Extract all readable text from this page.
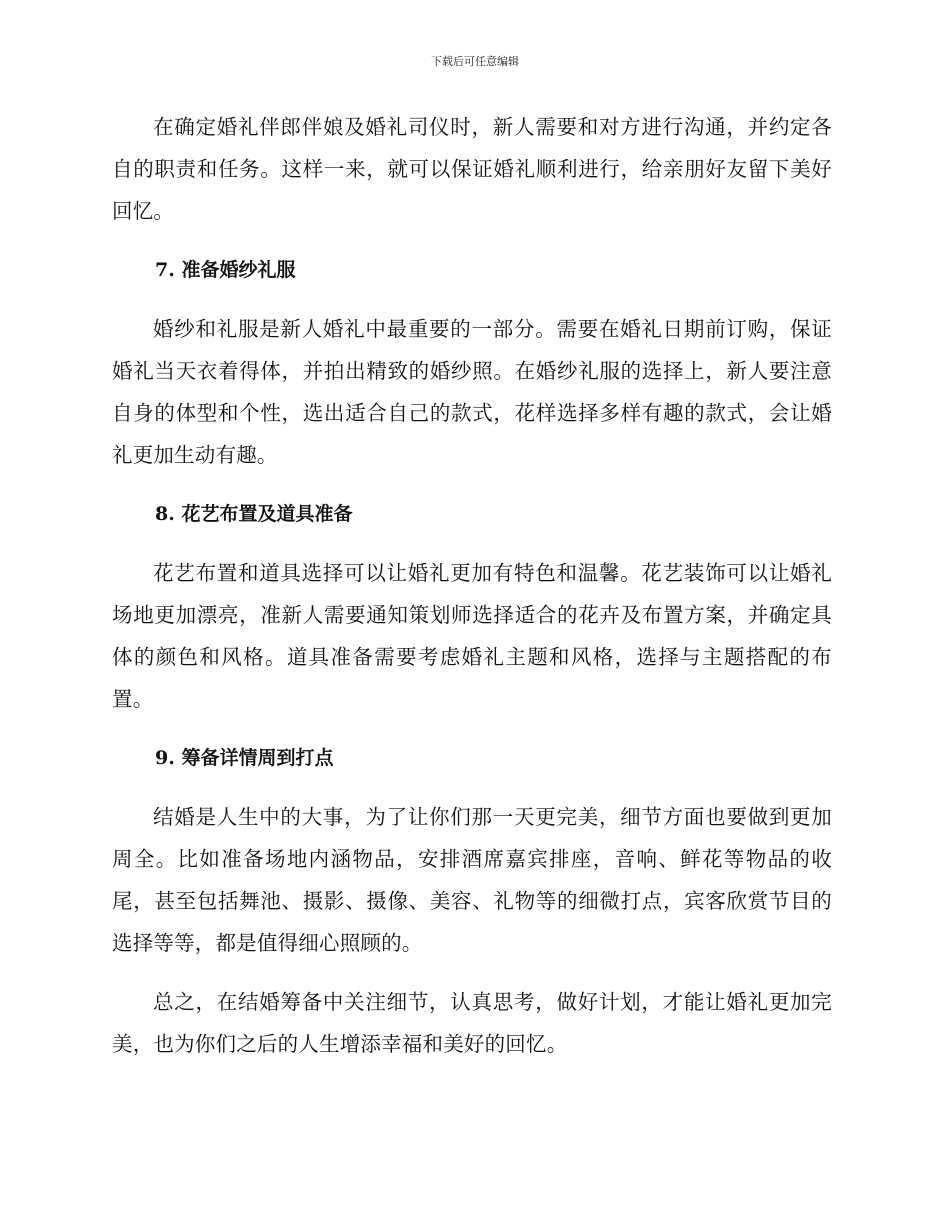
下载后可任意编辑

在确定婚礼伴郎伴娘及婚礼司仪时，新人需要和对方进行沟通，并约定各自的职责和任务。这样一来，就可以保证婚礼顺利进行，给亲朋好友留下美好回忆。

7. 准备婚纱礼服

婚纱和礼服是新人婚礼中最重要的一部分。需要在婚礼日期前订购，保证婚礼当天衣着得体，并拍出精致的婚纱照。在婚纱礼服的选择上，新人要注意自身的体型和个性，选出适合自己的款式，花样选择多样有趣的款式，会让婚礼更加生动有趣。

8. 花艺布置及道具准备

花艺布置和道具选择可以让婚礼更加有特色和温馨。花艺装饰可以让婚礼场地更加漂亮，准新人需要通知策划师选择适合的花卉及布置方案，并确定具体的颜色和风格。道具准备需要考虑婚礼主题和风格，选择与主题搭配的布置。

9. 筹备详情周到打点

结婚是人生中的大事，为了让你们那一天更完美，细节方面也要做到更加周全。比如准备场地内涵物品，安排酒席嘉宾排座，音响、鲜花等物品的收尾，甚至包括舞池、摄影、摄像、美容、礼物等的细微打点，宾客欣赏节目的选择等等，都是值得细心照顾的。

总之，在结婚筹备中关注细节，认真思考，做好计划，才能让婚礼更加完美，也为你们之后的人生增添幸福和美好的回忆。
